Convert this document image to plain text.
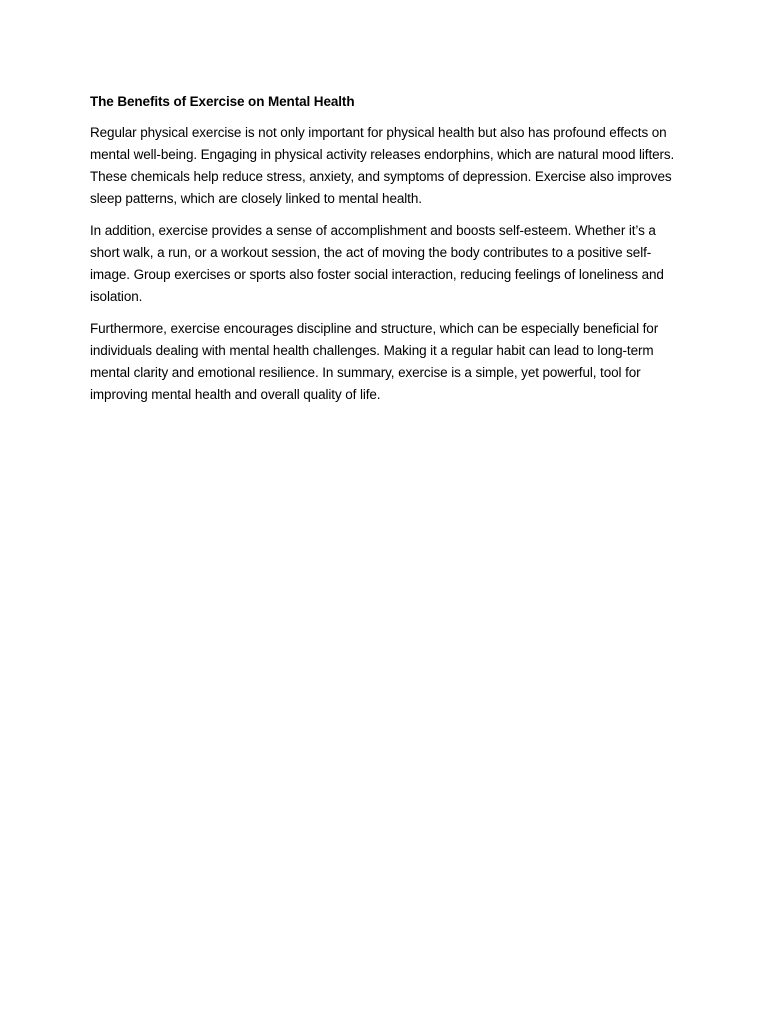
The Benefits of Exercise on Mental Health

Regular physical exercise is not only important for physical health but also has profound effects on mental well-being. Engaging in physical activity releases endorphins, which are natural mood lifters. These chemicals help reduce stress, anxiety, and symptoms of depression. Exercise also improves sleep patterns, which are closely linked to mental health.

In addition, exercise provides a sense of accomplishment and boosts self-esteem. Whether it’s a short walk, a run, or a workout session, the act of moving the body contributes to a positive self-image. Group exercises or sports also foster social interaction, reducing feelings of loneliness and isolation.

Furthermore, exercise encourages discipline and structure, which can be especially beneficial for individuals dealing with mental health challenges. Making it a regular habit can lead to long-term mental clarity and emotional resilience. In summary, exercise is a simple, yet powerful, tool for improving mental health and overall quality of life.
